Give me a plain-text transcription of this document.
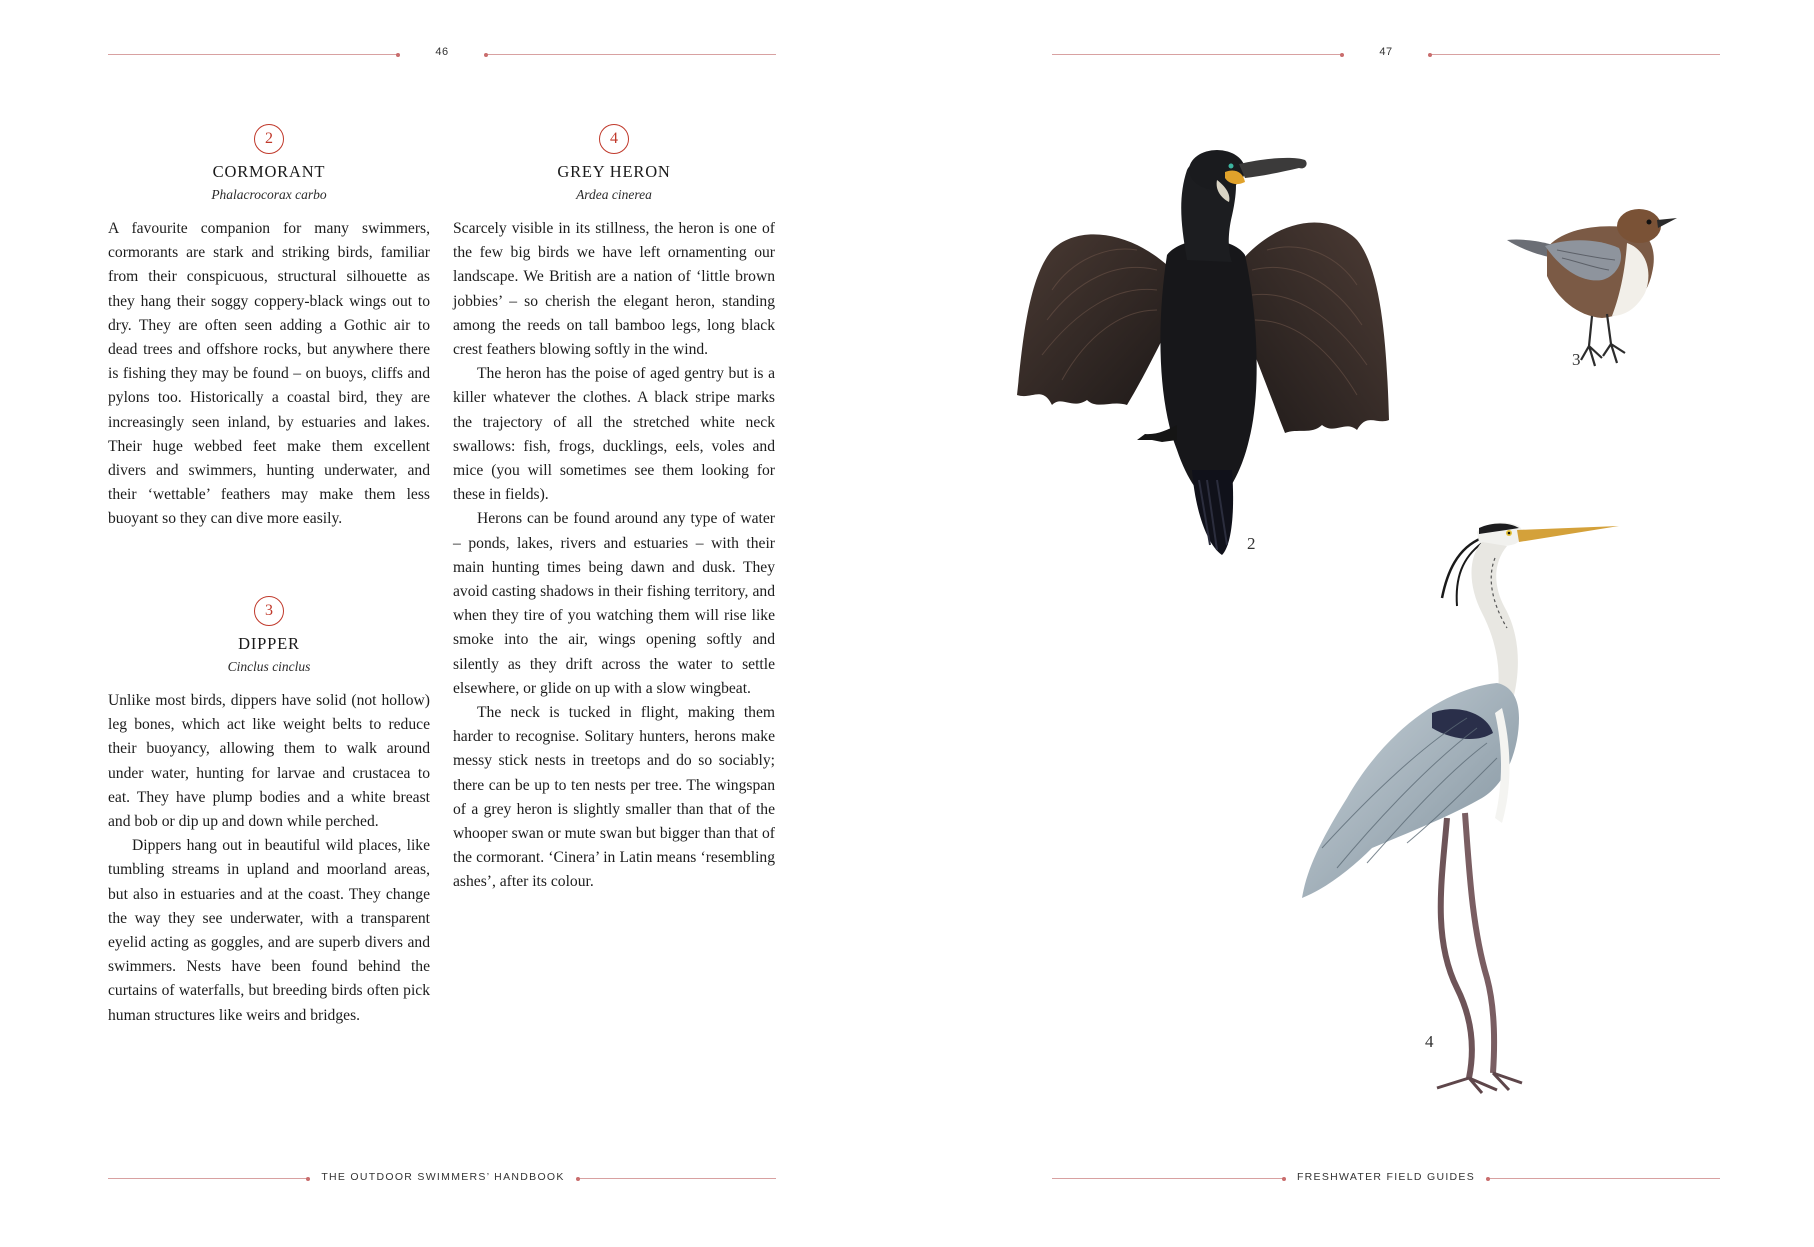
46
2
CORMORANT
Phalacrocorax carbo

A favourite companion for many swimmers, cormorants are stark and striking birds, familiar from their conspicuous, structural silhouette as they hang their soggy coppery-black wings out to dry. They are often seen adding a Gothic air to dead trees and offshore rocks, but anywhere there is fishing they may be found – on buoys, cliffs and pylons too. Historically a coastal bird, they are increasingly seen inland, by estuaries and lakes. Their huge webbed feet make them excellent divers and swimmers, hunting underwater, and their ‘wettable’ feathers may make them less buoyant so they can dive more easily.

3
DIPPER
Cinclus cinclus

Unlike most birds, dippers have solid (not hollow) leg bones, which act like weight belts to reduce their buoyancy, allowing them to walk around under water, hunting for larvae and crustacea to eat. They have plump bodies and a white breast and bob or dip up and down while perched.

Dippers hang out in beautiful wild places, like tumbling streams in upland and moorland areas, but also in estuaries and at the coast. They change the way they see underwater, with a transparent eyelid acting as goggles, and are superb divers and swimmers. Nests have been found behind the curtains of waterfalls, but breeding birds often pick human structures like weirs and bridges.

4
GREY HERON
Ardea cinerea

Scarcely visible in its stillness, the heron is one of the few big birds we have left ornamenting our landscape. We British are a nation of ‘little brown jobbies’ – so cherish the elegant heron, standing among the reeds on tall bamboo legs, long black crest feathers blowing softly in the wind.

The heron has the poise of aged gentry but is a killer whatever the clothes. A black stripe marks the trajectory of all the stretched white neck swallows: fish, frogs, ducklings, eels, voles and mice (you will sometimes see them looking for these in fields).

Herons can be found around any type of water – ponds, lakes, rivers and estuaries – with their main hunting times being dawn and dusk. They avoid casting shadows in their fishing territory, and when they tire of you watching them will rise like smoke into the air, wings opening softly and silently as they drift across the water to settle elsewhere, or glide on up with a slow wingbeat.

The neck is tucked in flight, making them harder to recognise. Solitary hunters, herons make messy stick nests in treetops and do so sociably; there can be up to ten nests per tree. The wingspan of a grey heron is slightly smaller than that of the whooper swan or mute swan but bigger than that of the cormorant. ‘Cinera’ in Latin means ‘resembling ashes’, after its colour.

THE OUTDOOR SWIMMERS’ HANDBOOK
47
2
3
4
FRESHWATER FIELD GUIDES
